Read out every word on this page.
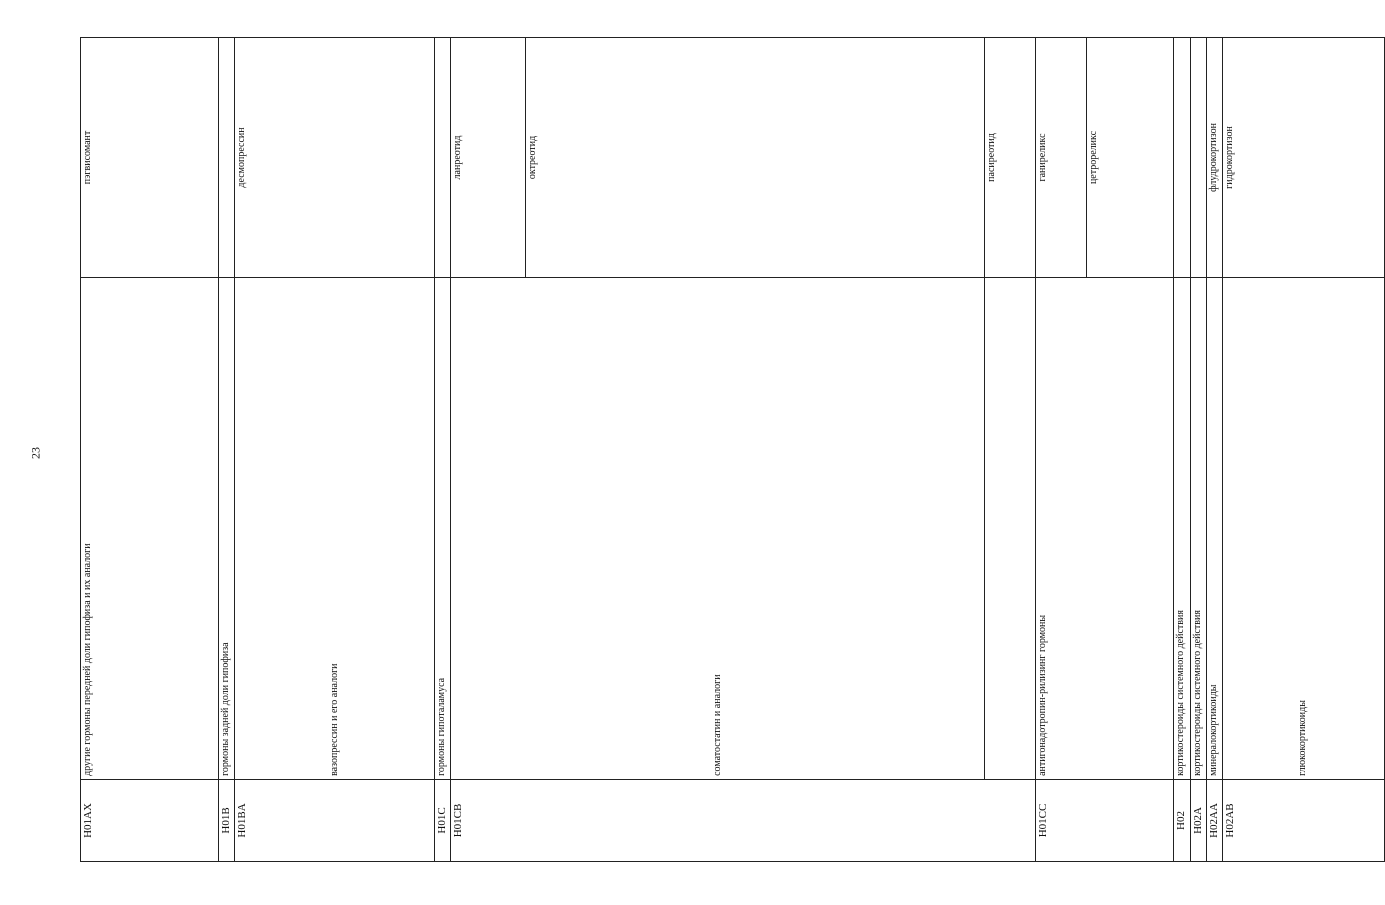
23
H01AX	другие гормоны передней доли гипофиза и их аналоги	пэгвисомант	

H01B	гормоны задней доли гипофиза		
H01BA	вазопрессин и его аналоги	десмопрессин	

H01C	гормоны гипоталамуса		
H01CB	соматостатин и аналоги	ланреотид	
		октреотид	

		пасиреотид	
H01CC	антигонадотропин-рилизинг гормоны	ганиреликс	
		цетрореликс	
H02	кортикостероиды системного действия		
H02A	кортикостероиды системного действия		
H02AA	минералокортикоиды	флудрокортизон	
H02AB	глюкокортикоиды	гидрокортизон	
